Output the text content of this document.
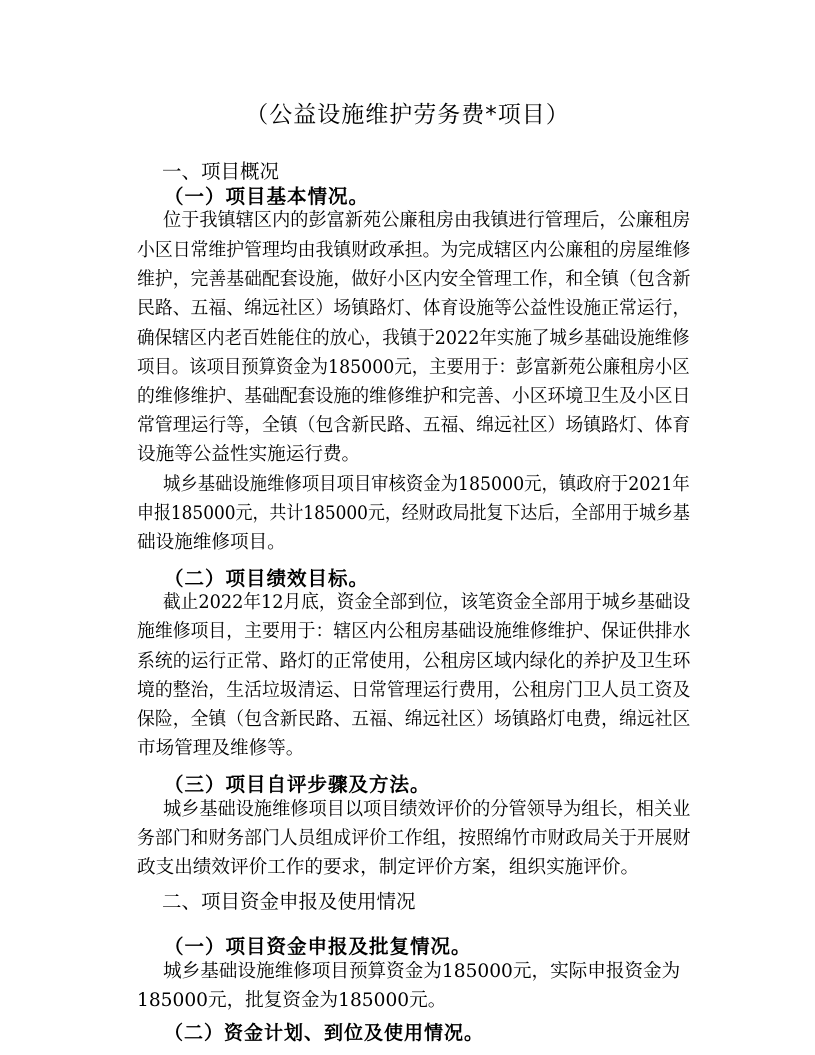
（公益设施维护劳务费*项目）
一、项目概况
（一）项目基本情况。
位于我镇辖区内的彭富新苑公廉租房由我镇进行管理后，公廉租房
小区日常维护管理均由我镇财政承担。为完成辖区内公廉租的房屋维修
维护，完善基础配套设施，做好小区内安全管理工作，和全镇（包含新
民路、五福、绵远社区）场镇路灯、体育设施等公益性设施正常运行，
确保辖区内老百姓能住的放心，我镇于2022年实施了城乡基础设施维修
项目。该项目预算资金为185000元，主要用于：彭富新苑公廉租房小区
的维修维护、基础配套设施的维修维护和完善、小区环境卫生及小区日
常管理运行等，全镇（包含新民路、五福、绵远社区）场镇路灯、体育
设施等公益性实施运行费。
城乡基础设施维修项目项目审核资金为185000元，镇政府于2021年
申报185000元，共计185000元，经财政局批复下达后，全部用于城乡基
础设施维修项目。
（二）项目绩效目标。
截止2022年12月底，资金全部到位，该笔资金全部用于城乡基础设
施维修项目，主要用于：辖区内公租房基础设施维修维护、保证供排水
系统的运行正常、路灯的正常使用，公租房区域内绿化的养护及卫生环
境的整治，生活垃圾清运、日常管理运行费用，公租房门卫人员工资及
保险，全镇（包含新民路、五福、绵远社区）场镇路灯电费，绵远社区
市场管理及维修等。
（三）项目自评步骤及方法。
城乡基础设施维修项目以项目绩效评价的分管领导为组长，相关业
务部门和财务部门人员组成评价工作组，按照绵竹市财政局关于开展财
政支出绩效评价工作的要求，制定评价方案，组织实施评价。
二、项目资金申报及使用情况
（一）项目资金申报及批复情况。
城乡基础设施维修项目预算资金为185000元，实际申报资金为
185000元，批复资金为185000元。
（二）资金计划、到位及使用情况。
